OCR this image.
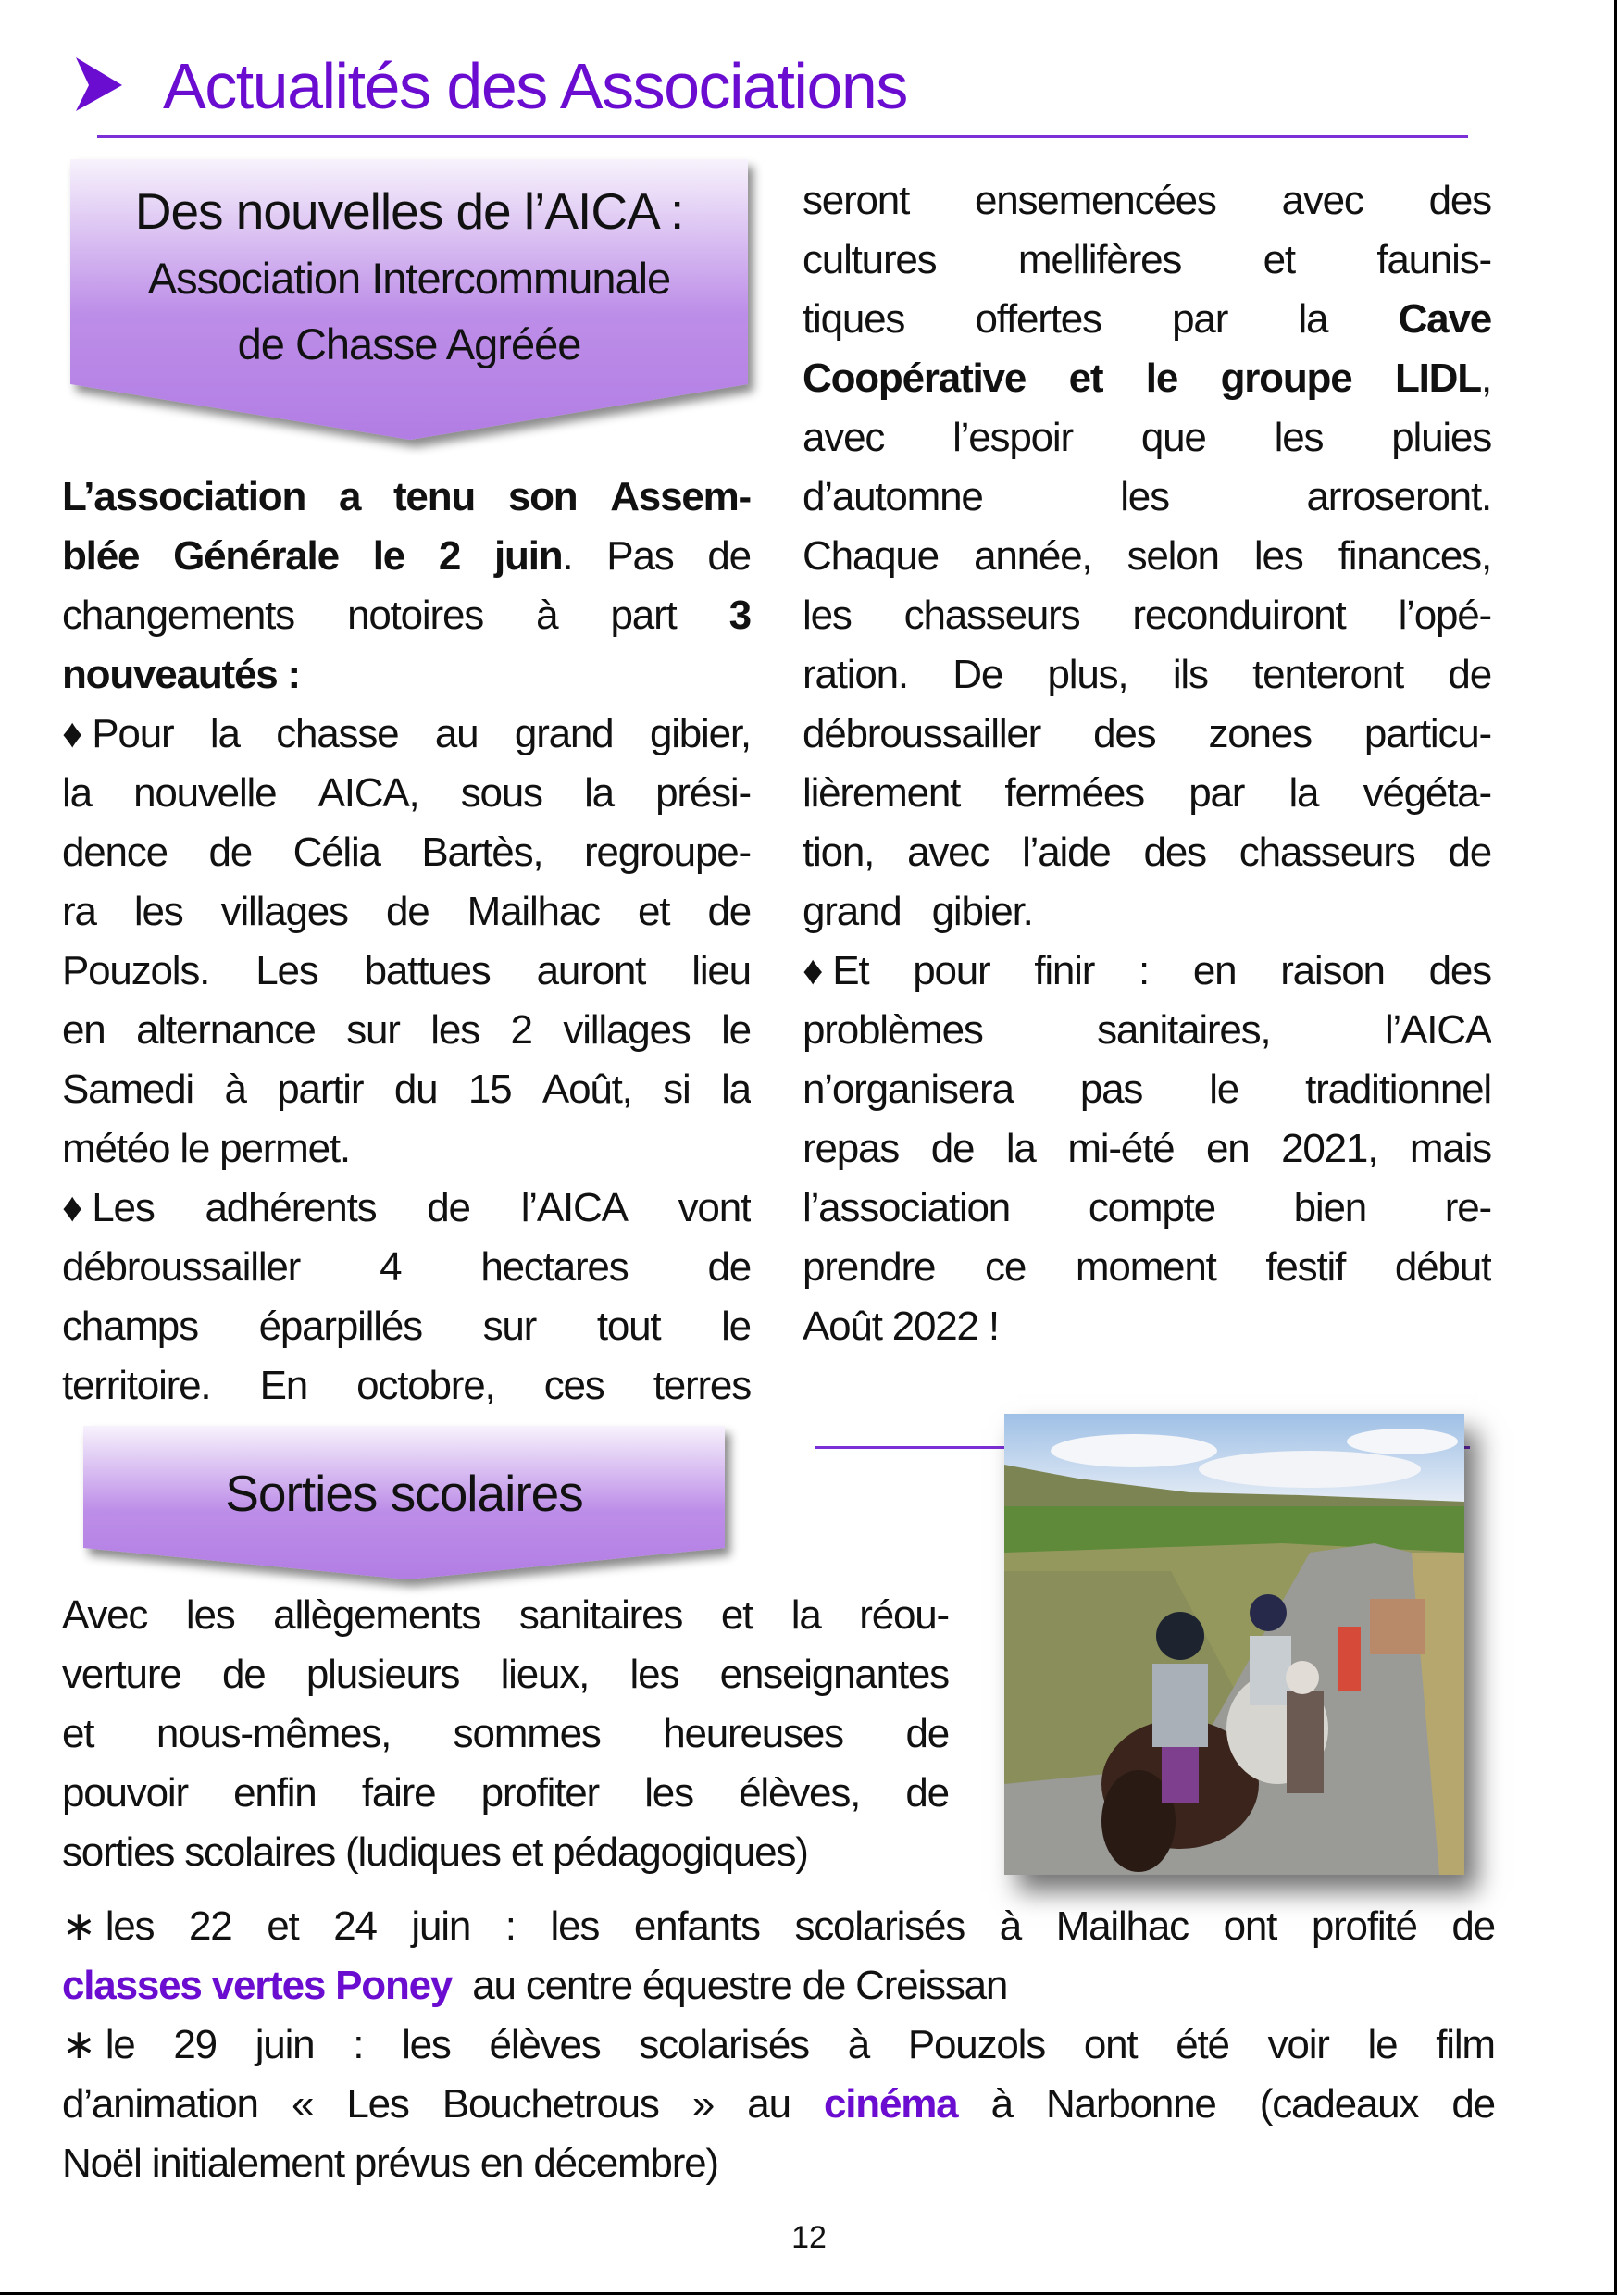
Actualités des Associations
Des nouvelles de l’AICA :
Association Intercommunale
de Chasse Agréée
L’association a tenu son Assem-
blée Générale le 2 juin. Pas de
changements notoires à part 3
nouveautés :
♦ Pour la chasse au grand gibier,
la nouvelle AICA, sous la prési-
dence de Célia Bartès, regroupe-
ra les villages de Mailhac et de
Pouzols. Les battues auront lieu
en alternance sur les 2 villages le
Samedi à partir du 15 Août, si la
météo le permet.
♦ Les adhérents de l’AICA vont
débroussailler 4 hectares de
champs éparpillés sur tout le
territoire. En octobre, ces terres
seront ensemencées avec des
cultures mellifères et faunis-
tiques offertes par la Cave
Coopérative et le groupe LIDL,
avec l’espoir que les pluies
d’automne	les	arroseront.
Chaque année, selon les finances,
les chasseurs reconduiront l’opé-
ration. De plus, ils tenteront de
débroussailler des zones particu-
lièrement fermées par la végéta-
tion, avec l’aide des chasseurs de
grand   gibier.
♦ Et pour finir : en raison des
problèmes	sanitaires,	l’AICA
n’organisera pas le traditionnel
repas de la mi-été en 2021, mais
l’association compte bien re-
prendre ce moment festif début
Août 2022 !
Sorties scolaires
Avec les allègements sanitaires et la réou-
verture de plusieurs lieux, les enseignantes
et nous-mêmes, sommes heureuses de
pouvoir enfin faire profiter les élèves, de
sorties scolaires (ludiques et pédagogiques)
∗ les 22 et 24 juin : les enfants scolarisés à Mailhac ont profité de
classes vertes Poney au centre équestre de Creissan
∗ le 29 juin : les élèves scolarisés à Pouzols ont été voir le film
d’animation « Les Bouchetrous » au cinéma à Narbonne (cadeaux de
Noël initialement prévus en décembre)
12
